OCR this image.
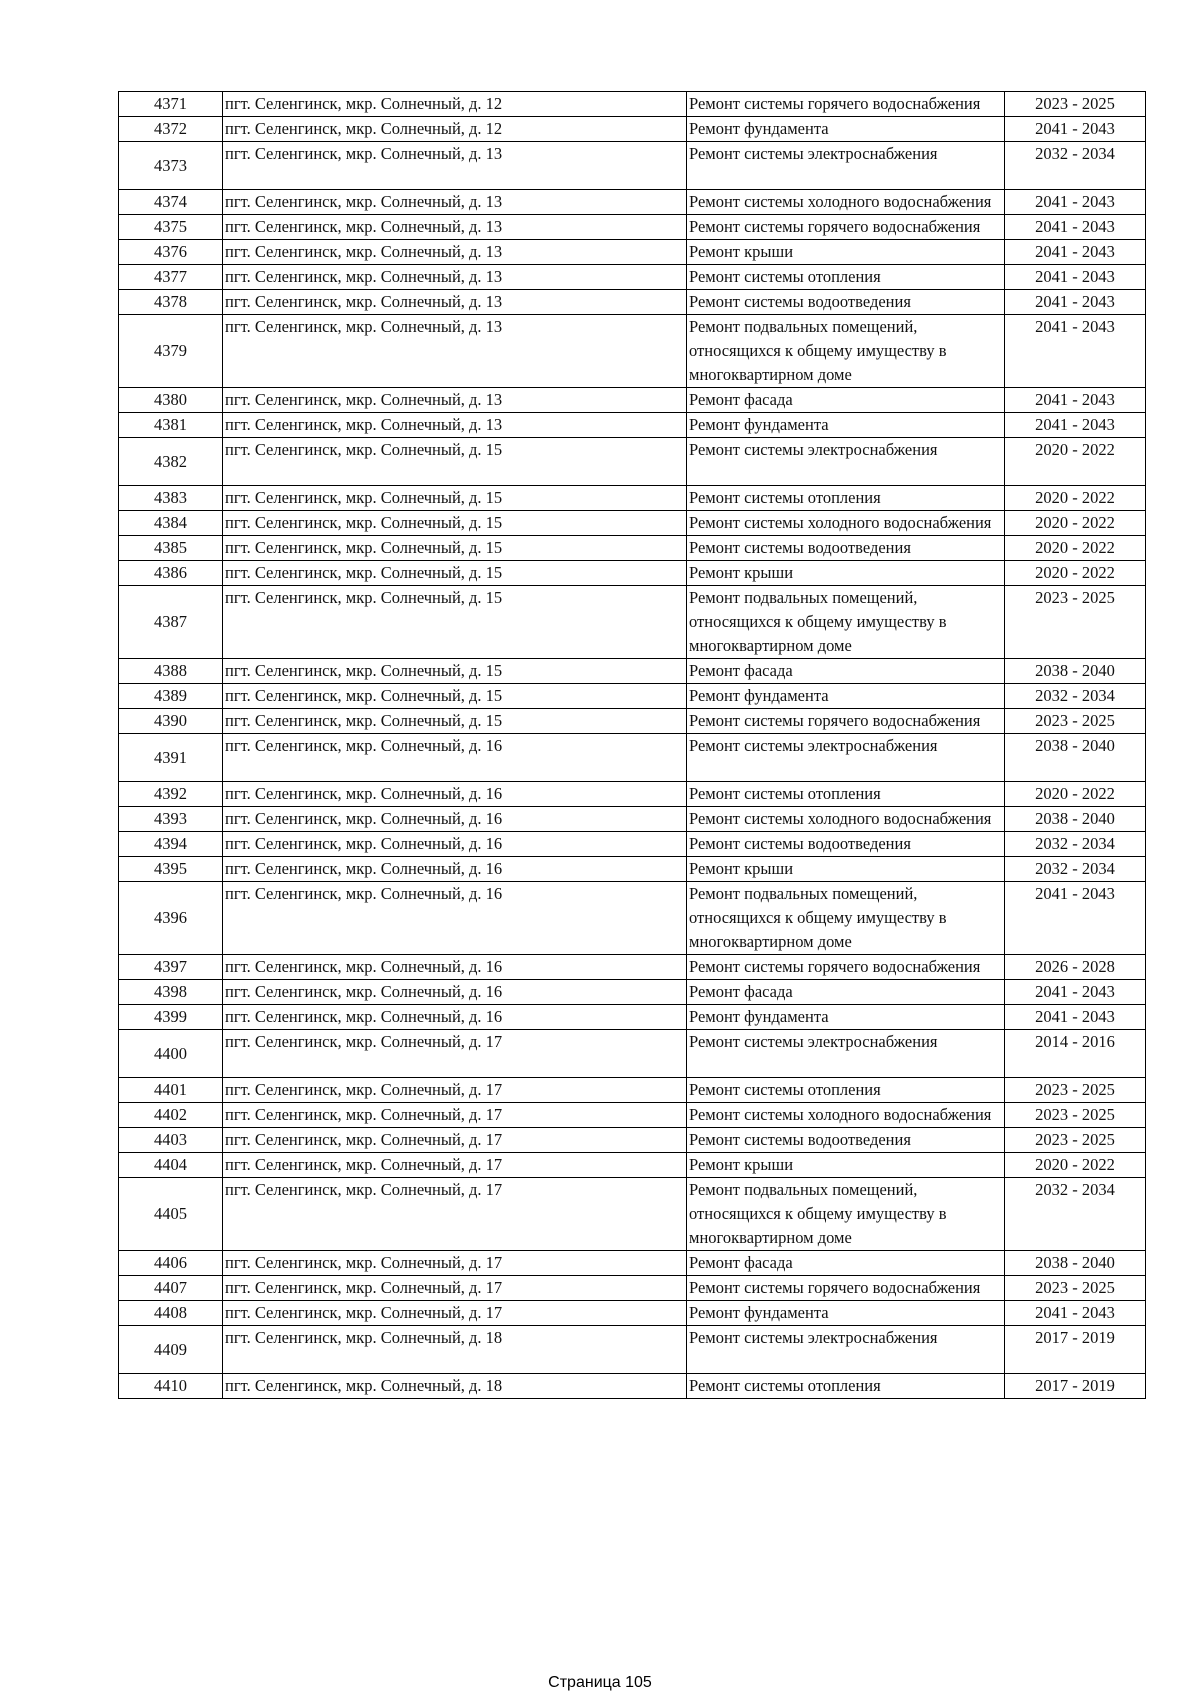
4371	пгт. Селенгинск, мкр. Солнечный, д. 12	Ремонт системы горячего водоснабжения	2023 - 2025
4372	пгт. Селенгинск, мкр. Солнечный, д. 12	Ремонт фундамента	2041 - 2043
4373	пгт. Селенгинск, мкр. Солнечный, д. 13	Ремонт системы электроснабжения	2032 - 2034
4374	пгт. Селенгинск, мкр. Солнечный, д. 13	Ремонт системы холодного водоснабжения	2041 - 2043
4375	пгт. Селенгинск, мкр. Солнечный, д. 13	Ремонт системы горячего водоснабжения	2041 - 2043
4376	пгт. Селенгинск, мкр. Солнечный, д. 13	Ремонт крыши	2041 - 2043
4377	пгт. Селенгинск, мкр. Солнечный, д. 13	Ремонт системы отопления	2041 - 2043
4378	пгт. Селенгинск, мкр. Солнечный, д. 13	Ремонт системы водоотведения	2041 - 2043
4379	пгт. Селенгинск, мкр. Солнечный, д. 13	Ремонт подвальных помещений, относящихся к общему имуществу в многоквартирном доме	2041 - 2043
4380	пгт. Селенгинск, мкр. Солнечный, д. 13	Ремонт фасада	2041 - 2043
4381	пгт. Селенгинск, мкр. Солнечный, д. 13	Ремонт фундамента	2041 - 2043
4382	пгт. Селенгинск, мкр. Солнечный, д. 15	Ремонт системы электроснабжения	2020 - 2022
4383	пгт. Селенгинск, мкр. Солнечный, д. 15	Ремонт системы отопления	2020 - 2022
4384	пгт. Селенгинск, мкр. Солнечный, д. 15	Ремонт системы холодного водоснабжения	2020 - 2022
4385	пгт. Селенгинск, мкр. Солнечный, д. 15	Ремонт системы водоотведения	2020 - 2022
4386	пгт. Селенгинск, мкр. Солнечный, д. 15	Ремонт крыши	2020 - 2022
4387	пгт. Селенгинск, мкр. Солнечный, д. 15	Ремонт подвальных помещений, относящихся к общему имуществу в многоквартирном доме	2023 - 2025
4388	пгт. Селенгинск, мкр. Солнечный, д. 15	Ремонт фасада	2038 - 2040
4389	пгт. Селенгинск, мкр. Солнечный, д. 15	Ремонт фундамента	2032 - 2034
4390	пгт. Селенгинск, мкр. Солнечный, д. 15	Ремонт системы горячего водоснабжения	2023 - 2025
4391	пгт. Селенгинск, мкр. Солнечный, д. 16	Ремонт системы электроснабжения	2038 - 2040
4392	пгт. Селенгинск, мкр. Солнечный, д. 16	Ремонт системы отопления	2020 - 2022
4393	пгт. Селенгинск, мкр. Солнечный, д. 16	Ремонт системы холодного водоснабжения	2038 - 2040
4394	пгт. Селенгинск, мкр. Солнечный, д. 16	Ремонт системы водоотведения	2032 - 2034
4395	пгт. Селенгинск, мкр. Солнечный, д. 16	Ремонт крыши	2032 - 2034
4396	пгт. Селенгинск, мкр. Солнечный, д. 16	Ремонт подвальных помещений, относящихся к общему имуществу в многоквартирном доме	2041 - 2043
4397	пгт. Селенгинск, мкр. Солнечный, д. 16	Ремонт системы горячего водоснабжения	2026 - 2028
4398	пгт. Селенгинск, мкр. Солнечный, д. 16	Ремонт фасада	2041 - 2043
4399	пгт. Селенгинск, мкр. Солнечный, д. 16	Ремонт фундамента	2041 - 2043
4400	пгт. Селенгинск, мкр. Солнечный, д. 17	Ремонт системы электроснабжения	2014 - 2016
4401	пгт. Селенгинск, мкр. Солнечный, д. 17	Ремонт системы отопления	2023 - 2025
4402	пгт. Селенгинск, мкр. Солнечный, д. 17	Ремонт системы холодного водоснабжения	2023 - 2025
4403	пгт. Селенгинск, мкр. Солнечный, д. 17	Ремонт системы водоотведения	2023 - 2025
4404	пгт. Селенгинск, мкр. Солнечный, д. 17	Ремонт крыши	2020 - 2022
4405	пгт. Селенгинск, мкр. Солнечный, д. 17	Ремонт подвальных помещений, относящихся к общему имуществу в многоквартирном доме	2032 - 2034
4406	пгт. Селенгинск, мкр. Солнечный, д. 17	Ремонт фасада	2038 - 2040
4407	пгт. Селенгинск, мкр. Солнечный, д. 17	Ремонт системы горячего водоснабжения	2023 - 2025
4408	пгт. Селенгинск, мкр. Солнечный, д. 17	Ремонт фундамента	2041 - 2043
4409	пгт. Селенгинск, мкр. Солнечный, д. 18	Ремонт системы электроснабжения	2017 - 2019
4410	пгт. Селенгинск, мкр. Солнечный, д. 18	Ремонт системы отопления	2017 - 2019
Страница 105
